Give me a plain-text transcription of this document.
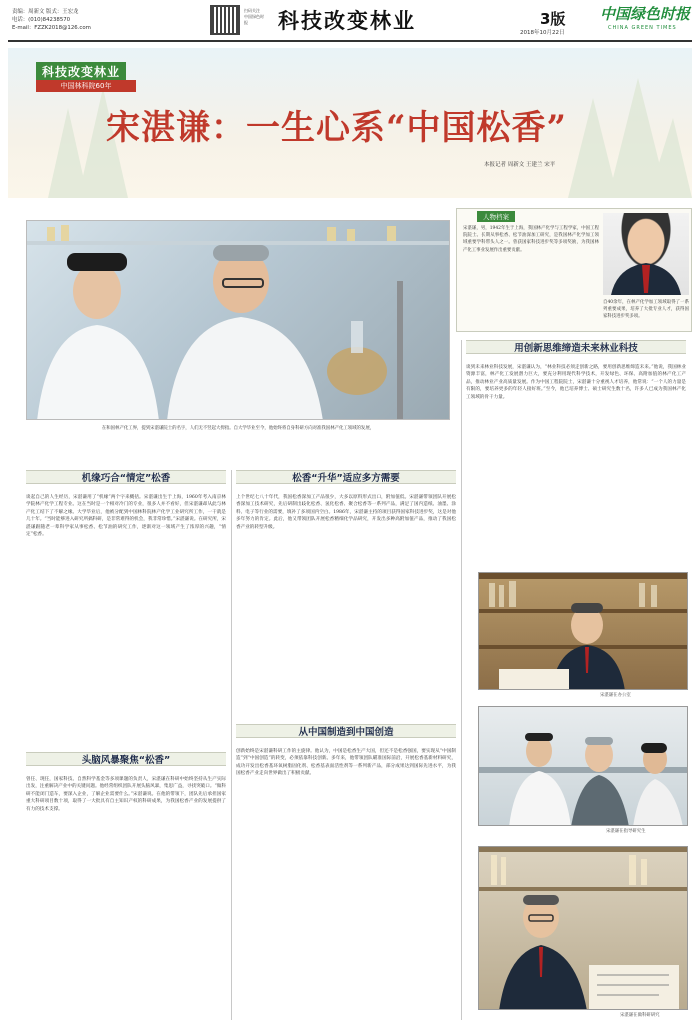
责编：周新文 版式：王宏龙
电话：(010)84238570
E-mail：FZZK2018@126.com
扫码关注
中国绿色时报	科技改变林业	3版
2018年10月22日
中国绿色时报
CHINA GREEN TIMES
科技改变林业
中国林科院60年
宋湛谦：一生心系“中国松香”
本报记者 周新文 王建兰 宋平
在和国林产化工界，提到宋湛谦院士的名字，人们无不竖起大拇指。自大学毕业至今，他始终将自身科研方向对准我国林产化工领域的发展，
人物档案
宋湛谦，男，1942年生于上海，我国林产化学与工程学家，中国工程院院士。长期从事松香、松节油深加工研究，是我国林产化学加工领域重要学科带头人之一。曾获国家科技进步奖等多项奖励，为我国林产化工事业发展作出重要贡献。
自40余年，在林产化学加工领域取得了一系列重要成果，培养了大批专业人才，获得国家科技进步奖多项。
用创新思维缔造未来林业科技
谈到未来林业科技发展，宋湛谦认为，“林业科技必须走创新之路，要用创新思维缔造未来。”他说，我国林业资源丰富，林产化工发展潜力巨大，要充分利用现代科学技术，开发绿色、环保、高附加值的林产化工产品，推动林业产业高质量发展。作为中国工程院院士，宋湛谦十分重视人才培养，他常说：“一个人的力量是有限的，要培养更多的年轻人接好班。”至今，他已培养博士、硕士研究生数十名，许多人已成为我国林产化工领域的骨干力量。
机缘巧合“情定”松香
谈起自己的人生经历，宋湛谦用了“机缘”两个字来概括。宋湛谦出生于上海，1960年考入南京林学院林产化学工程专业。这在当时是一个相对冷门的专业，很多人并不看好，但宋湛谦却从此与林产化工结下了不解之缘。大学毕业后，他被分配到中国林科院林产化学工业研究所工作，一干就是几十年。“当时能够进入研究所搞科研，是非常难得的机会，我非常珍惜。”宋湛谦说。在研究所，宋湛谦跟随老一辈科学家从事松香、松节油的研究工作，逐渐对这一领域产生了浓厚的兴趣，“情定”松香。
松香“升华”适应多方需要
上个世纪七八十年代，我国松香深加工产品很少，大多以原料形式出口，附加值低。宋湛谦带领团队开展松香深加工技术研究，先后研制出歧化松香、氢化松香、聚合松香等一系列产品，满足了国内造纸、油墨、涂料、电子等行业的需要，填补了多项国内空白。1986年，宋湛谦主持的项目获得国家科技进步奖，这是对他多年努力的肯定。此后，他又带领团队开展松香精细化学品研究，开发出多种高附加值产品，推动了我国松香产业的转型升级。
头脑风暴聚焦“松香”
曾任、现任，国家科技、自然科学基金等多项课题的负责人，宋湛谦在科研中始终坚持从生产实际出发，注重解决产业中的关键问题。他经常组织团队开展头脑风暴，集思广益，寻找突破口。“做科研不能闭门造车，要深入企业，了解企业需要什么。”宋湛谦说。在他的带领下，团队先后承担国家重大科研项目数十项，取得了一大批具有自主知识产权的科研成果，为我国松香产业的发展提供了有力的技术支撑。
从中国制造到中国创造
创新始终是宋湛谦科研工作的主旋律。他认为，中国是松香生产大国，但还不是松香强国，要实现从“中国制造”到“中国创造”的转变，必须依靠科技创新。多年来，他带领团队瞄准国际前沿，开展松香基新材料研究，成功开发出松香基环氧树脂固化剂、松香基表面活性剂等一系列新产品，部分成果达到国际先进水平，为我国松香产业走向世界做出了积极贡献。
宋湛谦在办公室
宋湛谦在指导研究生
宋湛谦在做科研研究
